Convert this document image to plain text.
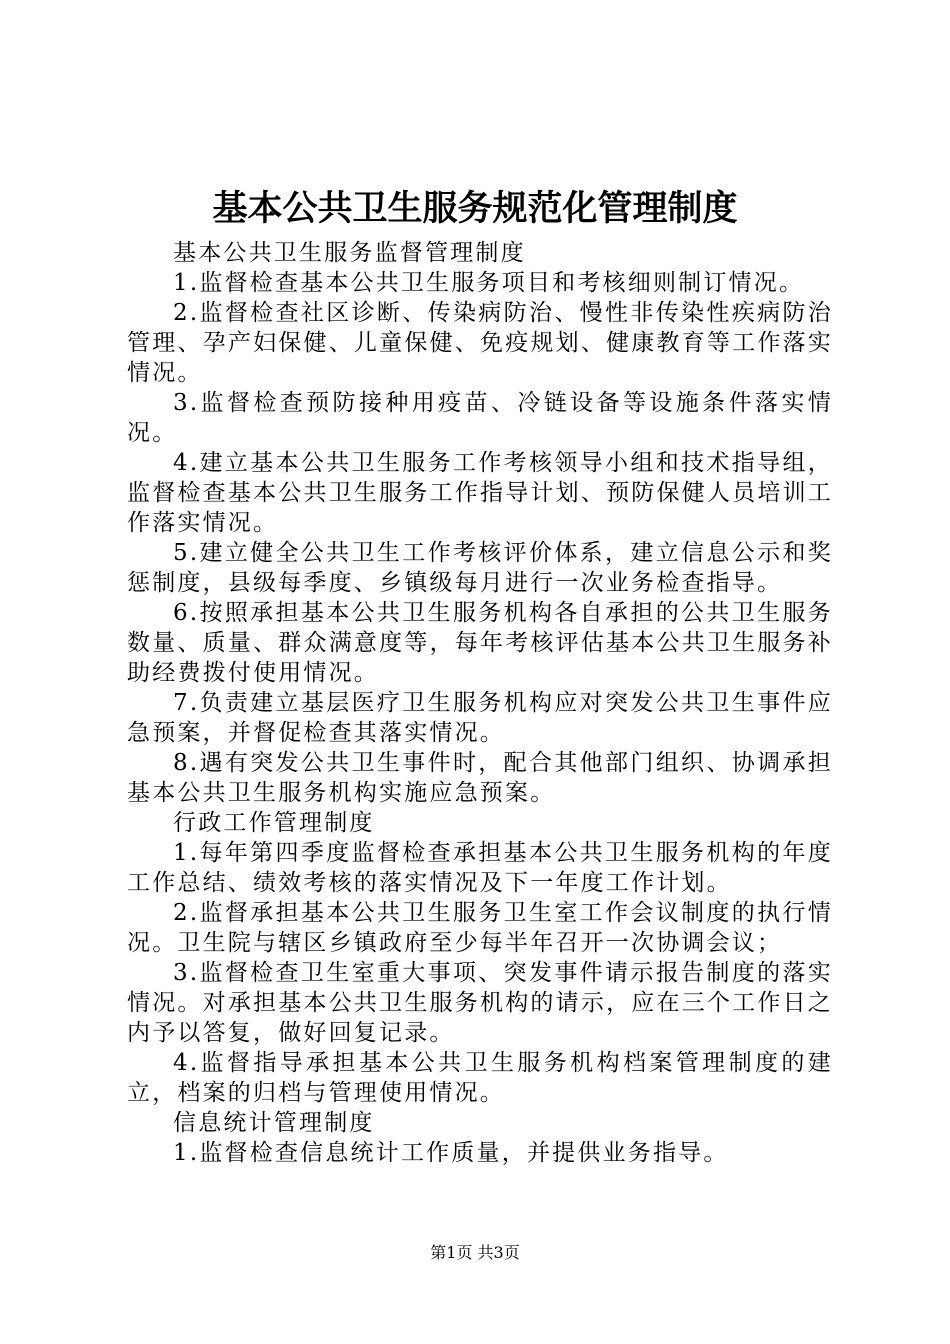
基本公共卫生服务规范化管理制度

基本公共卫生服务监督管理制度

1.监督检查基本公共卫生服务项目和考核细则制订情况。

2.监督检查社区诊断、传染病防治、慢性非传染性疾病防治管理、孕产妇保健、儿童保健、免疫规划、健康教育等工作落实情况。

3.监督检查预防接种用疫苗、冷链设备等设施条件落实情况。

4.建立基本公共卫生服务工作考核领导小组和技术指导组，监督检查基本公共卫生服务工作指导计划、预防保健人员培训工作落实情况。

5.建立健全公共卫生工作考核评价体系，建立信息公示和奖惩制度，县级每季度、乡镇级每月进行一次业务检查指导。

6.按照承担基本公共卫生服务机构各自承担的公共卫生服务数量、质量、群众满意度等，每年考核评估基本公共卫生服务补助经费拨付使用情况。

7.负责建立基层医疗卫生服务机构应对突发公共卫生事件应急预案，并督促检查其落实情况。

8.遇有突发公共卫生事件时，配合其他部门组织、协调承担基本公共卫生服务机构实施应急预案。

行政工作管理制度

1.每年第四季度监督检查承担基本公共卫生服务机构的年度工作总结、绩效考核的落实情况及下一年度工作计划。

2.监督承担基本公共卫生服务卫生室工作会议制度的执行情况。卫生院与辖区乡镇政府至少每半年召开一次协调会议；

3.监督检查卫生室重大事项、突发事件请示报告制度的落实情况。对承担基本公共卫生服务机构的请示，应在三个工作日之内予以答复，做好回复记录。

4.监督指导承担基本公共卫生服务机构档案管理制度的建立，档案的归档与管理使用情况。

信息统计管理制度

1.监督检查信息统计工作质量，并提供业务指导。

第1页 共3页
